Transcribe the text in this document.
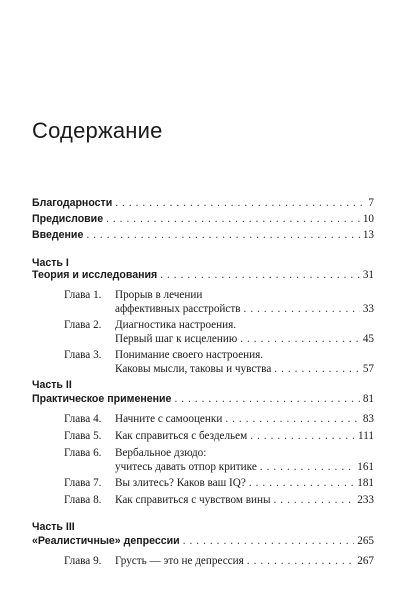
Содержание
Благодарности . . .	7
Предисловие . . .	10
Введение . . .	13
Часть I
Теория и исследования . . .	31
Глава 1. Прорыв в лечении
аффективных расстройств . . .	33
Глава 2. Диагностика настроения.
Первый шаг к исцелению . . .	45
Глава 3. Понимание своего настроения.
Каковы мысли, таковы и чувства . . .	57
Часть II
Практическое применение . . .	81
Глава 4. Начните с самооценки . . .	83
Глава 5. Как справиться с бездельем . . .	111
Глава 6. Вербальное дзюдо:
учитесь давать отпор критике . . .	161
Глава 7. Вы злитесь? Каков ваш IQ? . . .	181
Глава 8. Как справиться с чувством вины . . .	233
Часть III
«Реалистичные» депрессии . . .	265
Глава 9. Грусть — это не депрессия . . .	267
